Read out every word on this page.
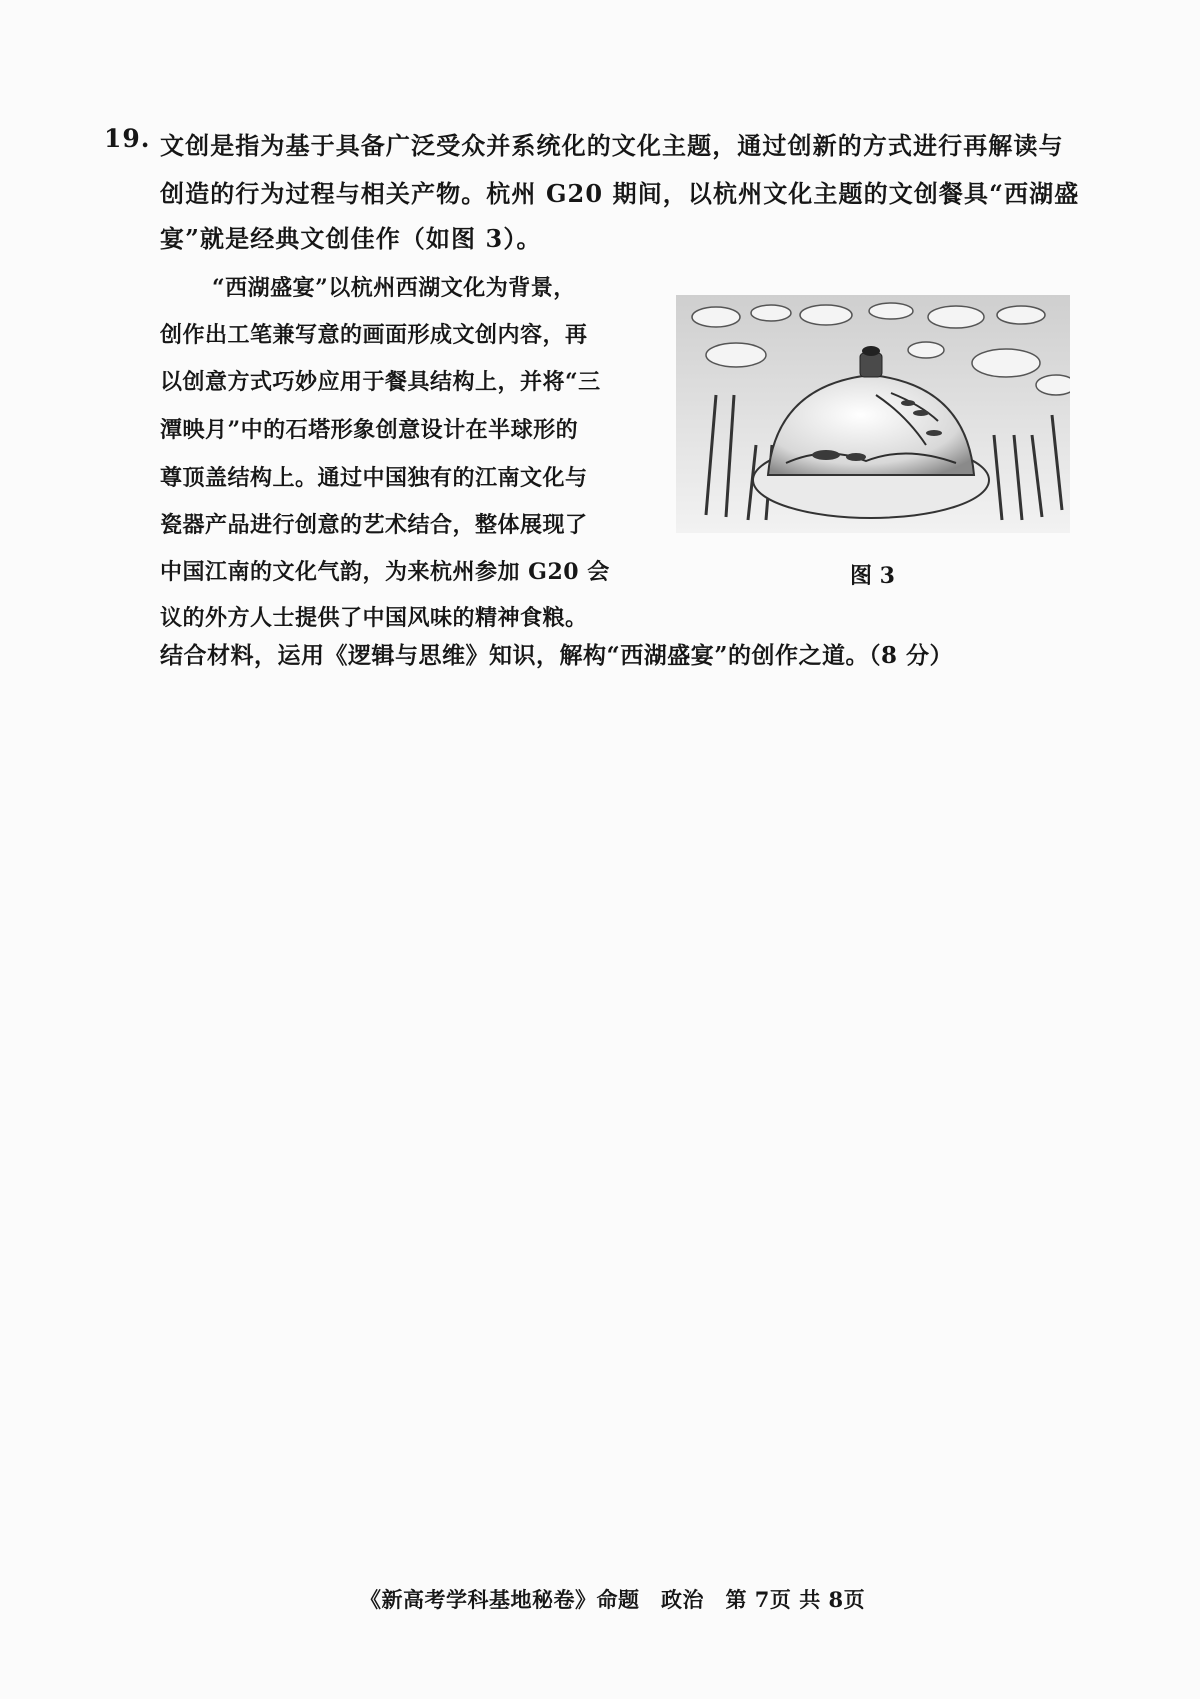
19. 文创是指为基于具备广泛受众并系统化的文化主题，通过创新的方式进行再解读与
创造的行为过程与相关产物。杭州 G20 期间，以杭州文化主题的文创餐具“西湖盛
宴”就是经典文创佳作（如图 3）。
“西湖盛宴”以杭州西湖文化为背景，
创作出工笔兼写意的画面形成文创内容，再
以创意方式巧妙应用于餐具结构上，并将“三
潭映月”中的石塔形象创意设计在半球形的
尊顶盖结构上。通过中国独有的江南文化与
瓷器产品进行创意的艺术结合，整体展现了
中国江南的文化气韵，为来杭州参加 G20 会
议的外方人士提供了中国风味的精神食粮。
图 3
结合材料，运用《逻辑与思维》知识，解构“西湖盛宴”的创作之道。（8 分）
《新高考学科基地秘卷》命题　政治　第 7页 共 8页
